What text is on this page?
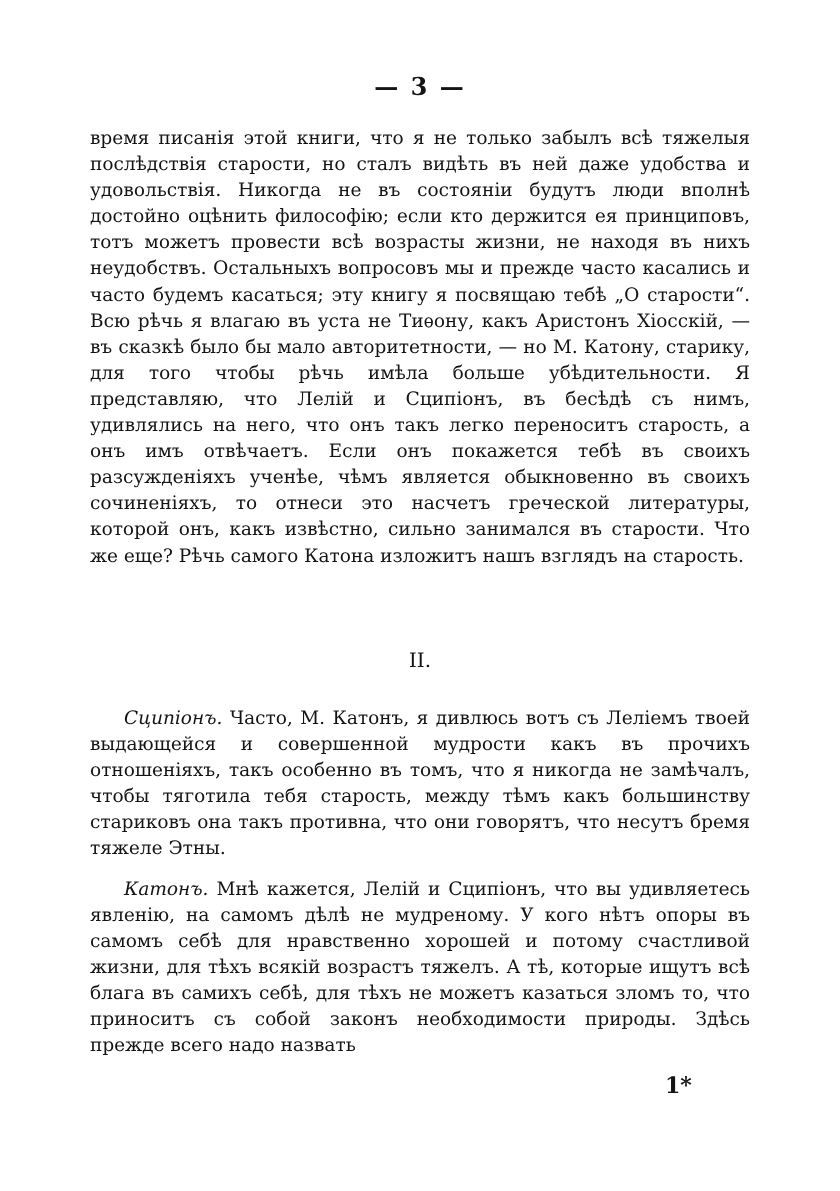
— 3 —

время писанія этой книги, что я не только забылъ всѣ тяжелыя послѣдствія старости, но сталъ видѣть въ ней даже удобства и удовольствія. Никогда не въ состояніи будутъ люди вполнѣ достойно оцѣнить философію; если кто держится ея принциповъ, тотъ можетъ провести всѣ возрасты жизни, не находя въ нихъ неудобствъ. Остальныхъ вопросовъ мы и прежде часто касались и часто будемъ касаться; эту книгу я посвящаю тебѣ „О старости“. Всю рѣчь я влагаю въ уста не Тиѳону, какъ Аристонъ Хіосскій, — въ сказкѣ было бы мало авторитетности, — но М. Катону, старику, для того чтобы рѣчь имѣла больше убѣдительности. Я представляю, что Лелій и Сципіонъ, въ бесѣдѣ съ нимъ, удивлялись на него, что онъ такъ легко переноситъ старость, а онъ имъ отвѣчаетъ. Если онъ покажется тебѣ въ своихъ разсужденіяхъ ученѣе, чѣмъ является обыкновенно въ своихъ сочиненіяхъ, то отнеси это насчетъ греческой литературы, которой онъ, какъ извѣстно, сильно занимался въ старости. Что же еще? Рѣчь самого Катона изложитъ нашъ взглядъ на старость.

II.

Сципіонъ. Часто, М. Катонъ, я дивлюсь вотъ съ Леліемъ твоей выдающейся и совершенной мудрости какъ въ прочихъ отношеніяхъ, такъ особенно въ томъ, что я никогда не замѣчалъ, чтобы тяготила тебя старость, между тѣмъ какъ большинству стариковъ она такъ противна, что они говорятъ, что несутъ бремя тяжеле Этны.

Катонъ. Мнѣ кажется, Лелій и Сципіонъ, что вы удивляетесь явленію, на самомъ дѣлѣ не мудреному. У кого нѣтъ опоры въ самомъ себѣ для нравственно хорошей и потому счастливой жизни, для тѣхъ всякій возрастъ тяжелъ. А тѣ, которые ищутъ всѣ блага въ самихъ себѣ, для тѣхъ не можетъ казаться зломъ то, что приноситъ съ собой законъ необходимости природы. Здѣсь прежде всего надо назвать

1*
